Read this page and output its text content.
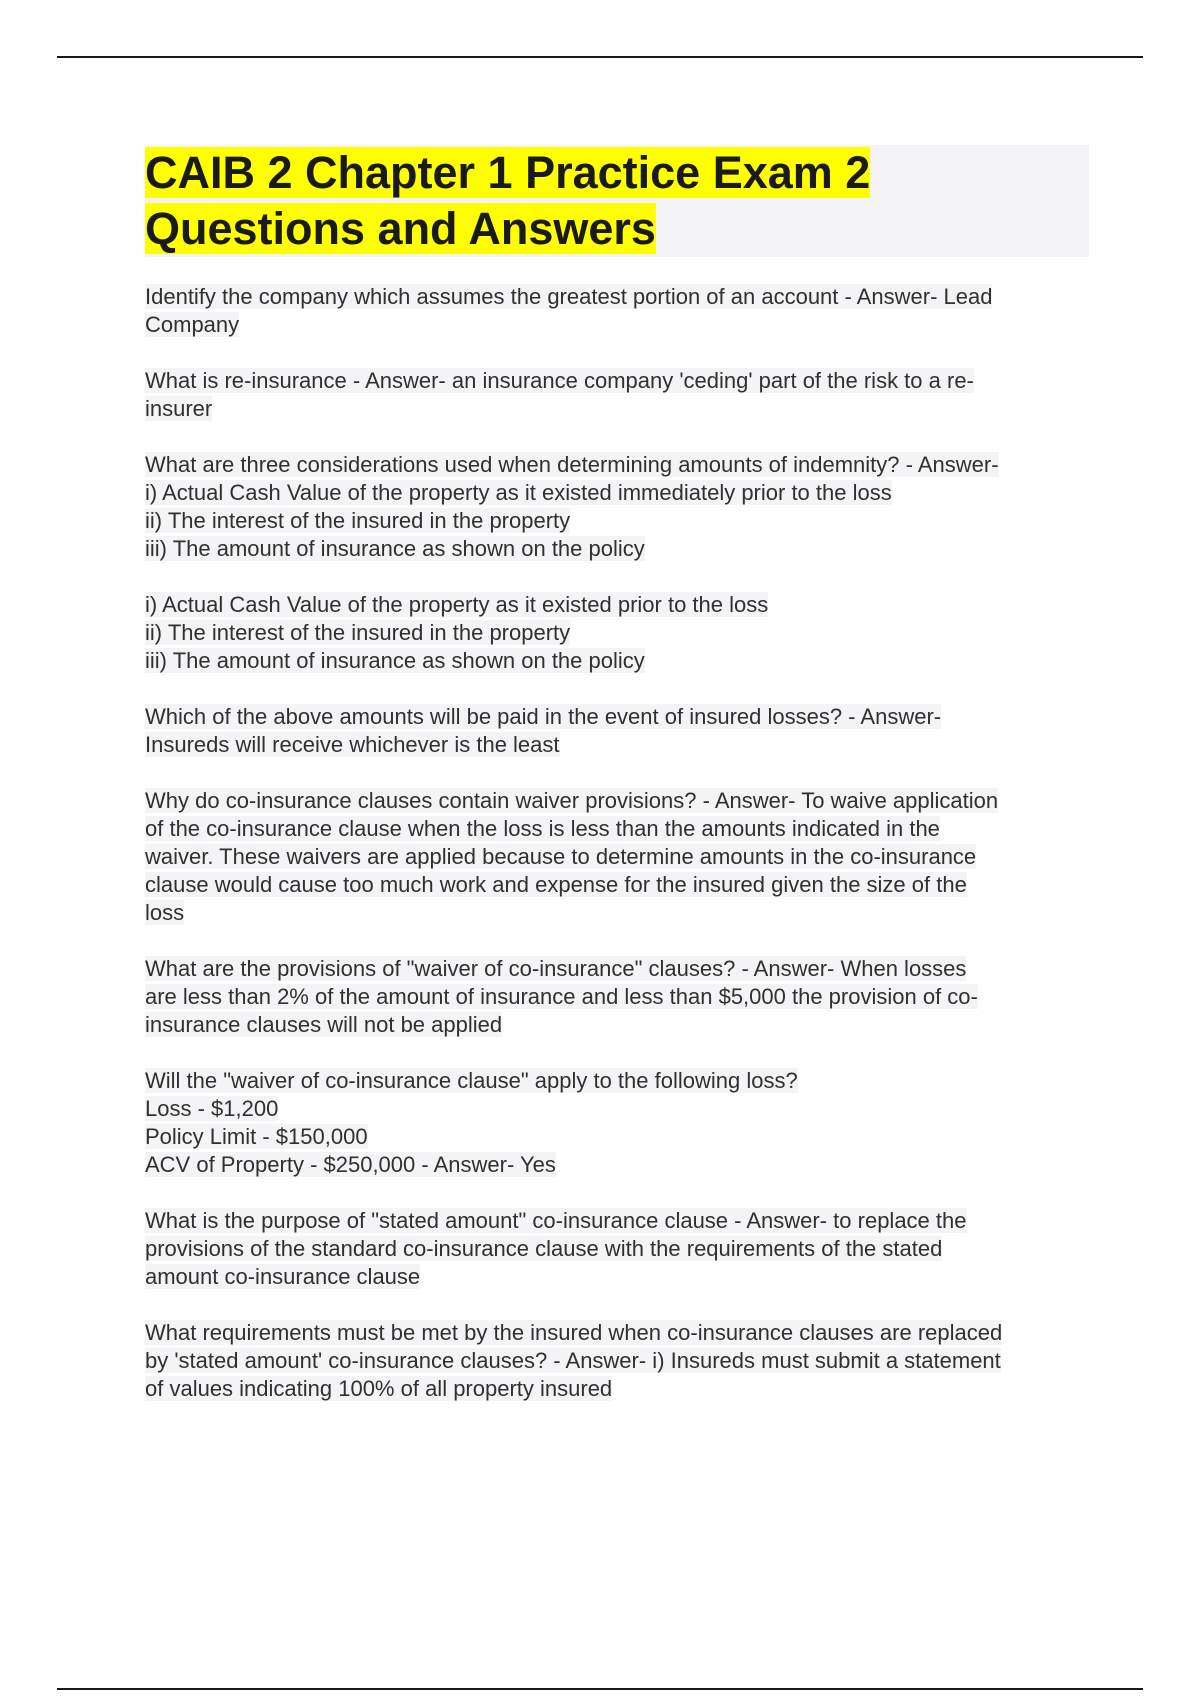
CAIB 2 Chapter 1 Practice Exam 2
Questions and Answers
Identify the company which assumes the greatest portion of an account - Answer- Lead
Company
What is re-insurance - Answer- an insurance company 'ceding' part of the risk to a re-
insurer
What are three considerations used when determining amounts of indemnity? - Answer-
i) Actual Cash Value of the property as it existed immediately prior to the loss
ii) The interest of the insured in the property
iii) The amount of insurance as shown on the policy
i) Actual Cash Value of the property as it existed prior to the loss
ii) The interest of the insured in the property
iii) The amount of insurance as shown on the policy
Which of the above amounts will be paid in the event of insured losses? - Answer-
Insureds will receive whichever is the least
Why do co-insurance clauses contain waiver provisions? - Answer- To waive application
of the co-insurance clause when the loss is less than the amounts indicated in the
waiver. These waivers are applied because to determine amounts in the co-insurance
clause would cause too much work and expense for the insured given the size of the
loss
What are the provisions of "waiver of co-insurance" clauses? - Answer- When losses
are less than 2% of the amount of insurance and less than $5,000 the provision of co-
insurance clauses will not be applied
Will the "waiver of co-insurance clause" apply to the following loss?
Loss - $1,200
Policy Limit - $150,000
ACV of Property - $250,000 - Answer- Yes
What is the purpose of "stated amount" co-insurance clause - Answer- to replace the
provisions of the standard co-insurance clause with the requirements of the stated
amount co-insurance clause
What requirements must be met by the insured when co-insurance clauses are replaced
by 'stated amount' co-insurance clauses? - Answer- i) Insureds must submit a statement
of values indicating 100% of all property insured
